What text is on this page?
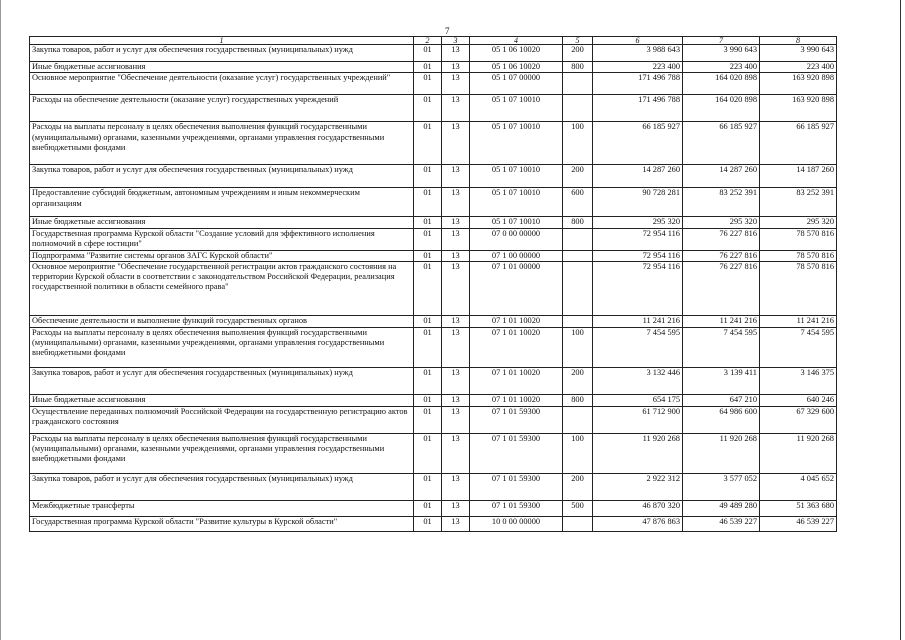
7
1	2	3	4	5	6	7	8
Закупка товаров, работ и услуг для обеспечения государственных (муниципальных) нужд	01	13	05 1 06 10020	200	3 988 643	3 990 643	3 990 643
Иные бюджетные ассигнования	01	13	05 1 06 10020	800	223 400	223 400	223 400
Основное мероприятие "Обеспечение деятельности (оказание услуг) государственных учреждений"	01	13	05 1 07 00000		171 496 788	164 020 898	163 920 898
Расходы на обеспечение деятельности (оказание услуг) государственных учреждений	01	13	05 1 07 10010		171 496 788	164 020 898	163 920 898
Расходы на выплаты персоналу в целях обеспечения выполнения функций государственными (муниципальными) органами, казенными учреждениями, органами управления государственными внебюджетными фондами	01	13	05 1 07 10010	100	66 185 927	66 185 927	66 185 927
Закупка товаров, работ и услуг для обеспечения государственных (муниципальных) нужд	01	13	05 1 07 10010	200	14 287 260	14 287 260	14 187 260
Предоставление субсидий бюджетным, автономным учреждениям и иным некоммерческим организациям	01	13	05 1 07 10010	600	90 728 281	83 252 391	83 252 391
Иные бюджетные ассигнования	01	13	05 1 07 10010	800	295 320	295 320	295 320
Государственная программа Курской области "Создание условий для эффективного исполнения полномочий в сфере юстиции"	01	13	07 0 00 00000		72 954 116	76 227 816	78 570 816
Подпрограмма "Развитие системы органов ЗАГС Курской области"	01	13	07 1 00 00000		72 954 116	76 227 816	78 570 816
Основное мероприятие "Обеспечение государственной регистрации актов гражданского состояния на территории Курской области в соответствии с законодательством Российской Федерации, реализация государственной политики в области семейного права"	01	13	07 1 01 00000		72 954 116	76 227 816	78 570 816
Обеспечение деятельности и выполнение функций государственных органов	01	13	07 1 01 10020		11 241 216	11 241 216	11 241 216
Расходы на выплаты персоналу в целях обеспечения выполнения функций государственными (муниципальными) органами, казенными учреждениями, органами управления государственными внебюджетными фондами	01	13	07 1 01 10020	100	7 454 595	7 454 595	7 454 595
Закупка товаров, работ и услуг для обеспечения государственных (муниципальных) нужд	01	13	07 1 01 10020	200	3 132 446	3 139 411	3 146 375
Иные бюджетные ассигнования	01	13	07 1 01 10020	800	654 175	647 210	640 246
Осуществление переданных полномочий Российской Федерации на государственную регистрацию актов гражданского состояния	01	13	07 1 01 59300		61 712 900	64 986 600	67 329 600
Расходы на выплаты персоналу в целях обеспечения выполнения функций государственными (муниципальными) органами, казенными учреждениями, органами управления государственными внебюджетными фондами	01	13	07 1 01 59300	100	11 920 268	11 920 268	11 920 268
Закупка товаров, работ и услуг для обеспечения государственных (муниципальных) нужд	01	13	07 1 01 59300	200	2 922 312	3 577 052	4 045 652
Межбюджетные трансферты	01	13	07 1 01 59300	500	46 870 320	49 489 280	51 363 680
Государственная программа Курской области "Развитие культуры в Курской области"	01	13	10 0 00 00000		47 876 863	46 539 227	46 539 227
